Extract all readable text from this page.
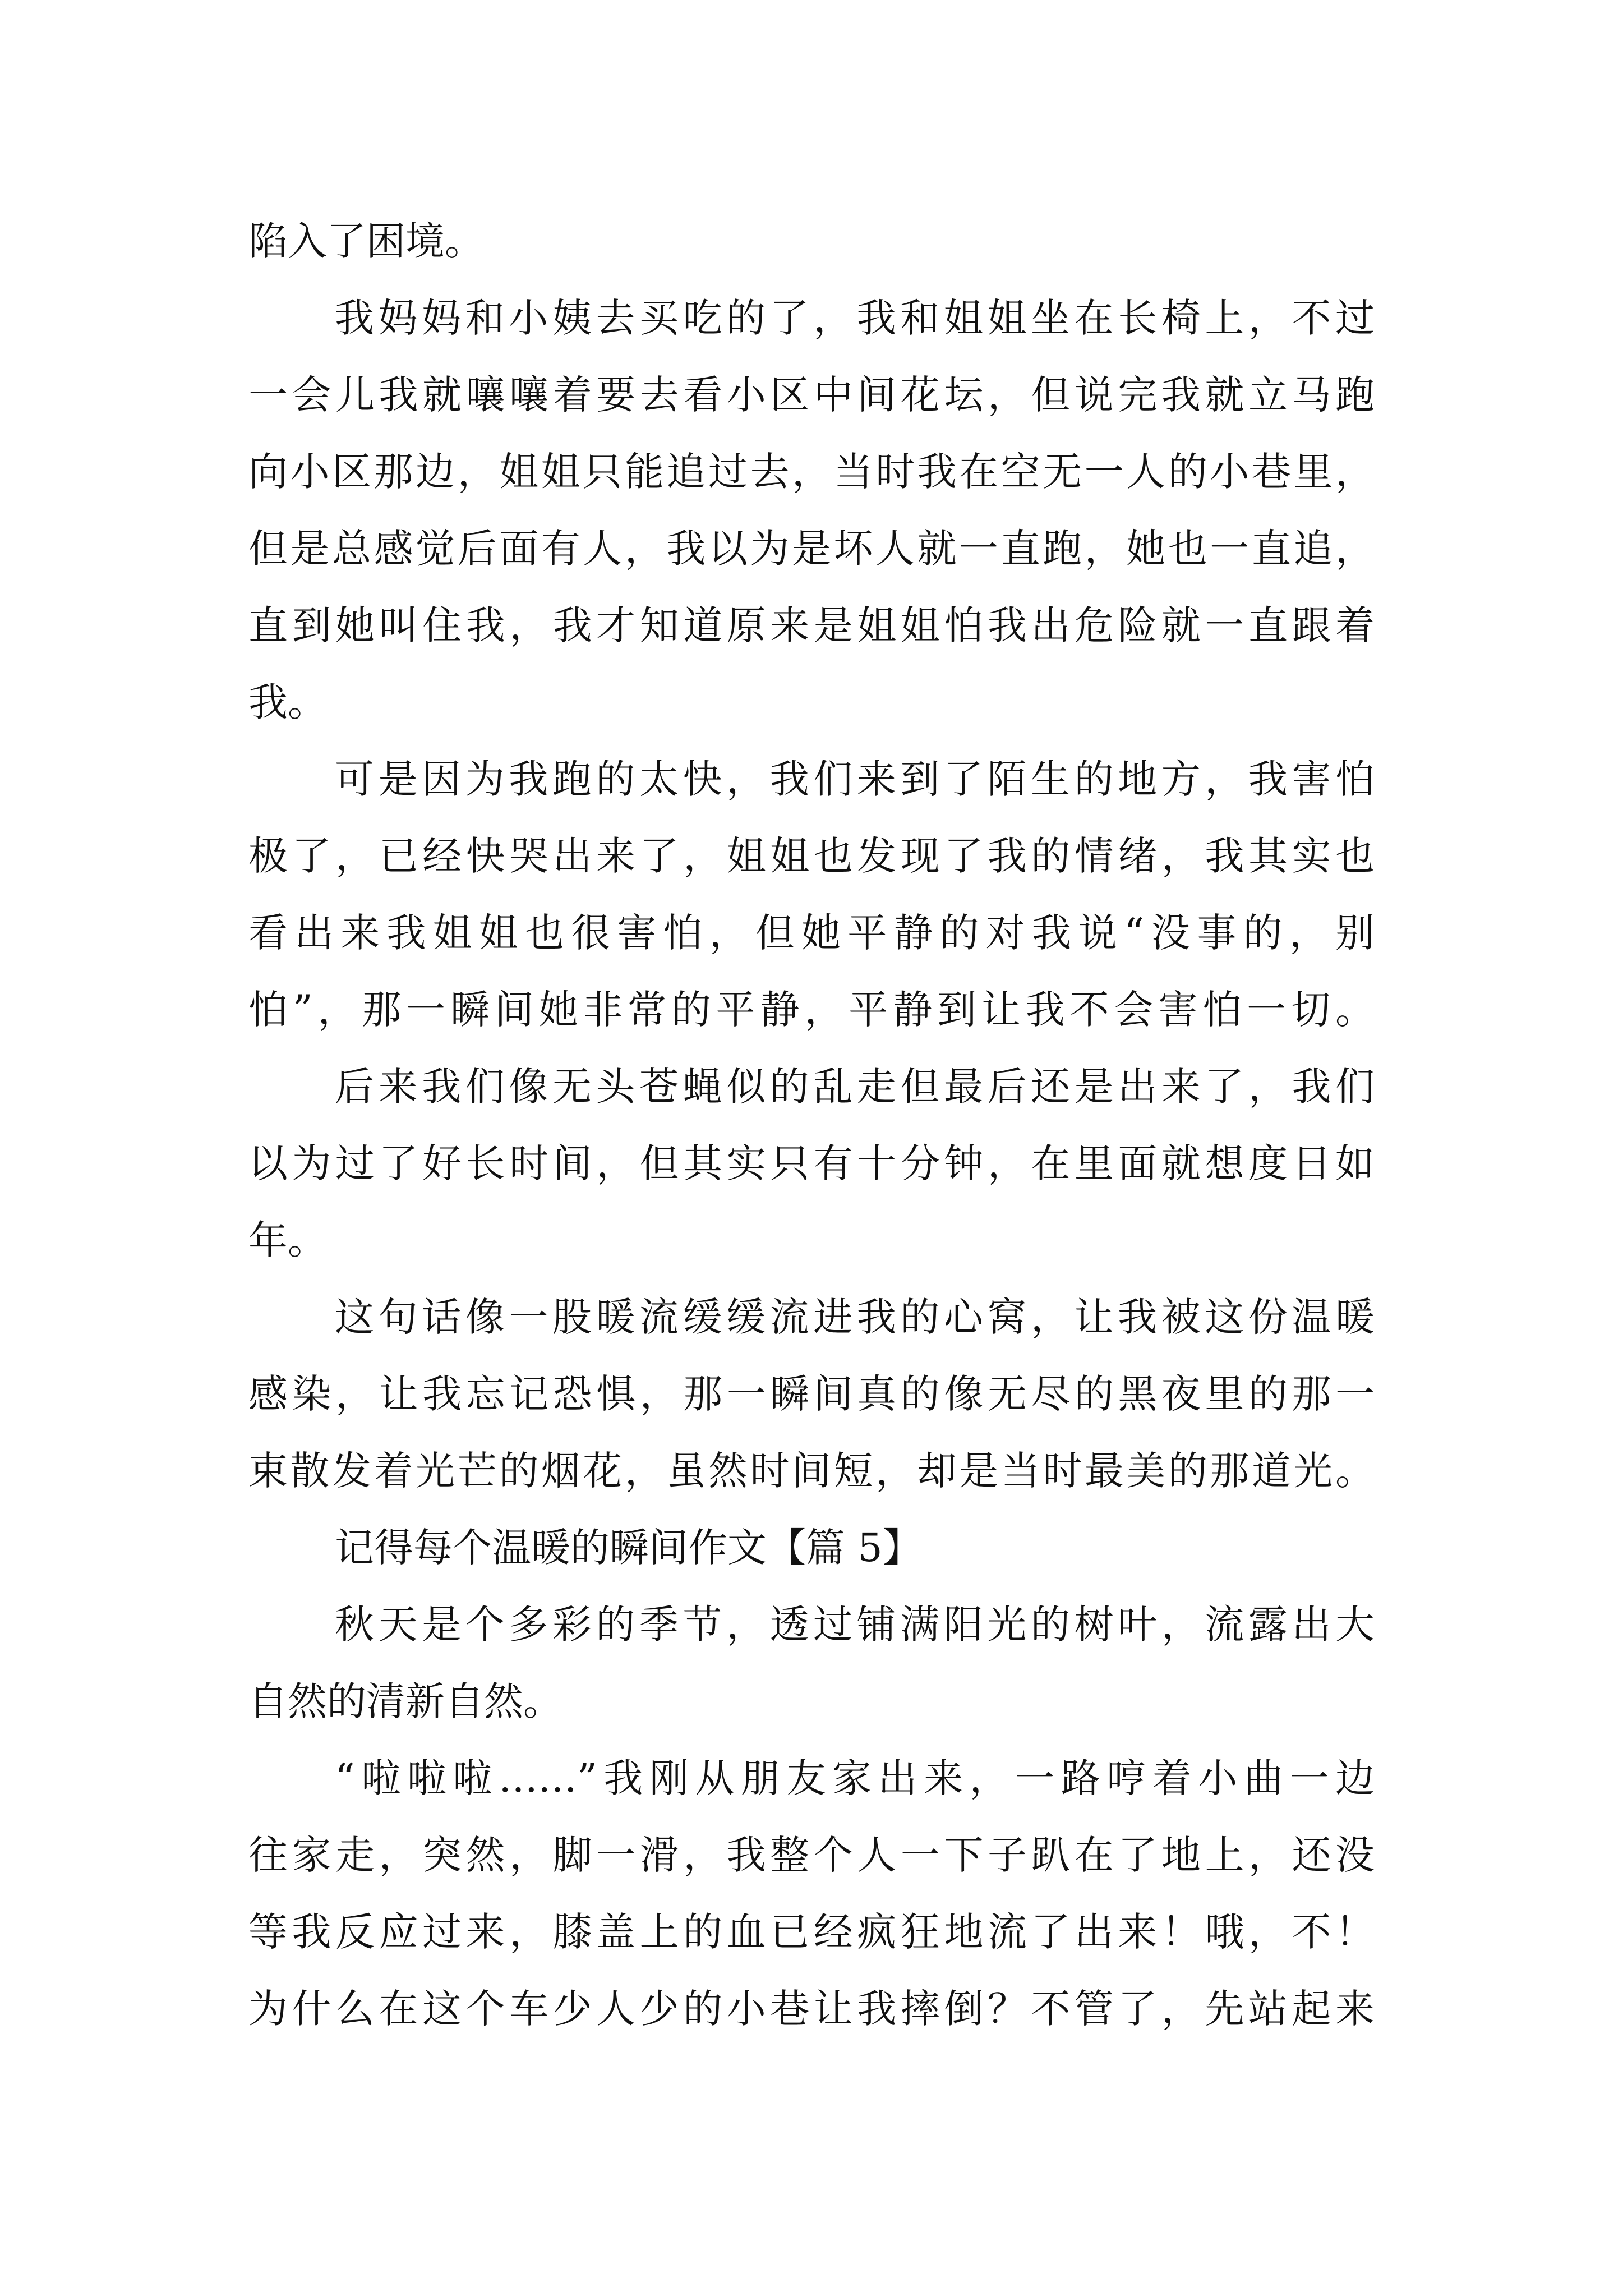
陷入了困境。
我妈妈和小姨去买吃的了，我和姐姐坐在长椅上，不过
一会儿我就嚷嚷着要去看小区中间花坛，但说完我就立马跑
向小区那边，姐姐只能追过去，当时我在空无一人的小巷里，
但是总感觉后面有人，我以为是坏人就一直跑，她也一直追，
直到她叫住我，我才知道原来是姐姐怕我出危险就一直跟着
我。
可是因为我跑的太快，我们来到了陌生的地方，我害怕
极了，已经快哭出来了，姐姐也发现了我的情绪，我其实也
看出来我姐姐也很害怕，但她平静的对我说“没事的，别
怕”，那一瞬间她非常的平静，平静到让我不会害怕一切。
后来我们像无头苍蝇似的乱走但最后还是出来了，我们
以为过了好长时间，但其实只有十分钟，在里面就想度日如
年。
这句话像一股暖流缓缓流进我的心窝，让我被这份温暖
感染，让我忘记恐惧，那一瞬间真的像无尽的黑夜里的那一
束散发着光芒的烟花，虽然时间短，却是当时最美的那道光。
记得每个温暖的瞬间作文【篇 5】
秋天是个多彩的季节，透过铺满阳光的树叶，流露出大
自然的清新自然。
“啦啦啦……”我刚从朋友家出来，一路哼着小曲一边
往家走，突然，脚一滑，我整个人一下子趴在了地上，还没
等我反应过来，膝盖上的血已经疯狂地流了出来！哦，不！
为什么在这个车少人少的小巷让我摔倒？不管了，先站起来
